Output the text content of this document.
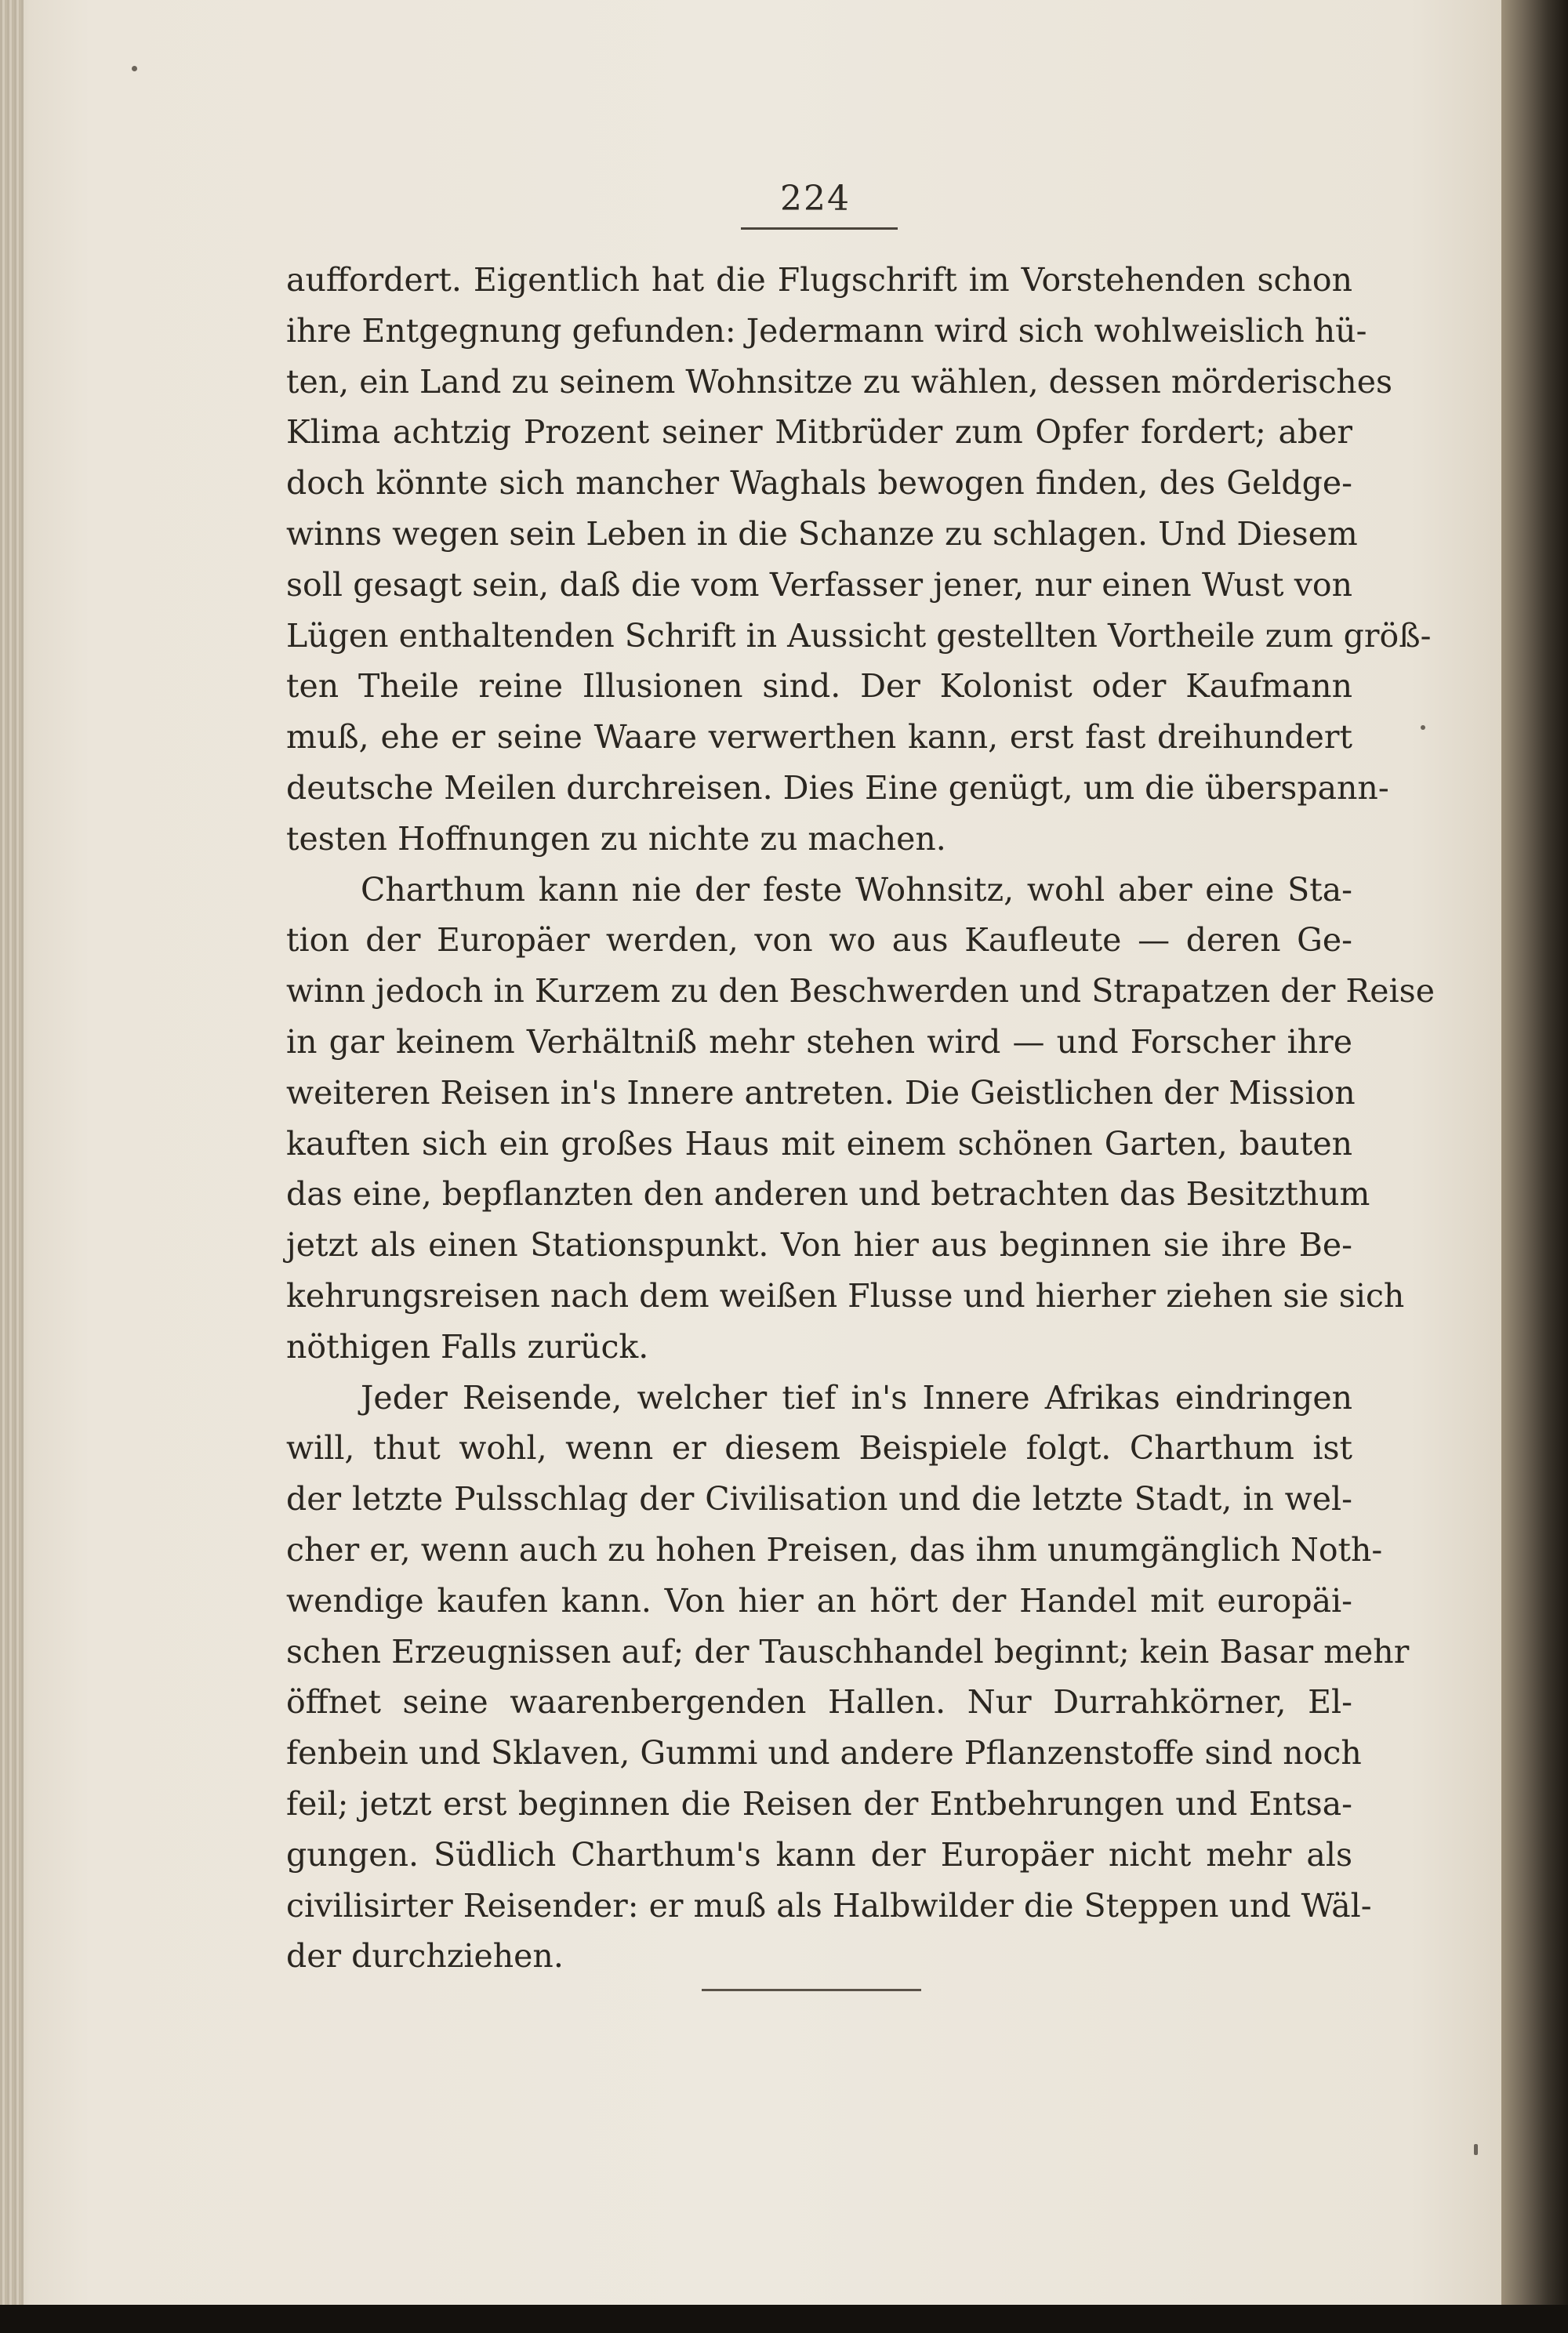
224
auffordert. Eigentlich hat die Flugschrift im Vorstehenden schon
ihre Entgegnung gefunden: Jedermann wird sich wohlweislich hü-
ten, ein Land zu seinem Wohnsitze zu wählen, dessen mörderisches
Klima achtzig Prozent seiner Mitbrüder zum Opfer fordert; aber
doch könnte sich mancher Waghals bewogen finden, des Geldge-
winns wegen sein Leben in die Schanze zu schlagen. Und Diesem
soll gesagt sein, daß die vom Verfasser jener, nur einen Wust von
Lügen enthaltenden Schrift in Aussicht gestellten Vortheile zum größ-
ten Theile reine Illusionen sind. Der Kolonist oder Kaufmann
muß, ehe er seine Waare verwerthen kann, erst fast dreihundert
deutsche Meilen durchreisen. Dies Eine genügt, um die überspann-
testen Hoffnungen zu nichte zu machen.
Charthum kann nie der feste Wohnsitz, wohl aber eine Sta-
tion der Europäer werden, von wo aus Kaufleute — deren Ge-
winn jedoch in Kurzem zu den Beschwerden und Strapatzen der Reise
in gar keinem Verhältniß mehr stehen wird — und Forscher ihre
weiteren Reisen in's Innere antreten. Die Geistlichen der Mission
kauften sich ein großes Haus mit einem schönen Garten, bauten
das eine, bepflanzten den anderen und betrachten das Besitzthum
jetzt als einen Stationspunkt. Von hier aus beginnen sie ihre Be-
kehrungsreisen nach dem weißen Flusse und hierher ziehen sie sich
nöthigen Falls zurück.
Jeder Reisende, welcher tief in's Innere Afrikas eindringen
will, thut wohl, wenn er diesem Beispiele folgt. Charthum ist
der letzte Pulsschlag der Civilisation und die letzte Stadt, in wel-
cher er, wenn auch zu hohen Preisen, das ihm unumgänglich Noth-
wendige kaufen kann. Von hier an hört der Handel mit europäi-
schen Erzeugnissen auf; der Tauschhandel beginnt; kein Basar mehr
öffnet seine waarenbergenden Hallen. Nur Durrahkörner, El-
fenbein und Sklaven, Gummi und andere Pflanzenstoffe sind noch
feil; jetzt erst beginnen die Reisen der Entbehrungen und Entsa-
gungen. Südlich Charthum's kann der Europäer nicht mehr als
civilisirter Reisender: er muß als Halbwilder die Steppen und Wäl-
der durchziehen.
